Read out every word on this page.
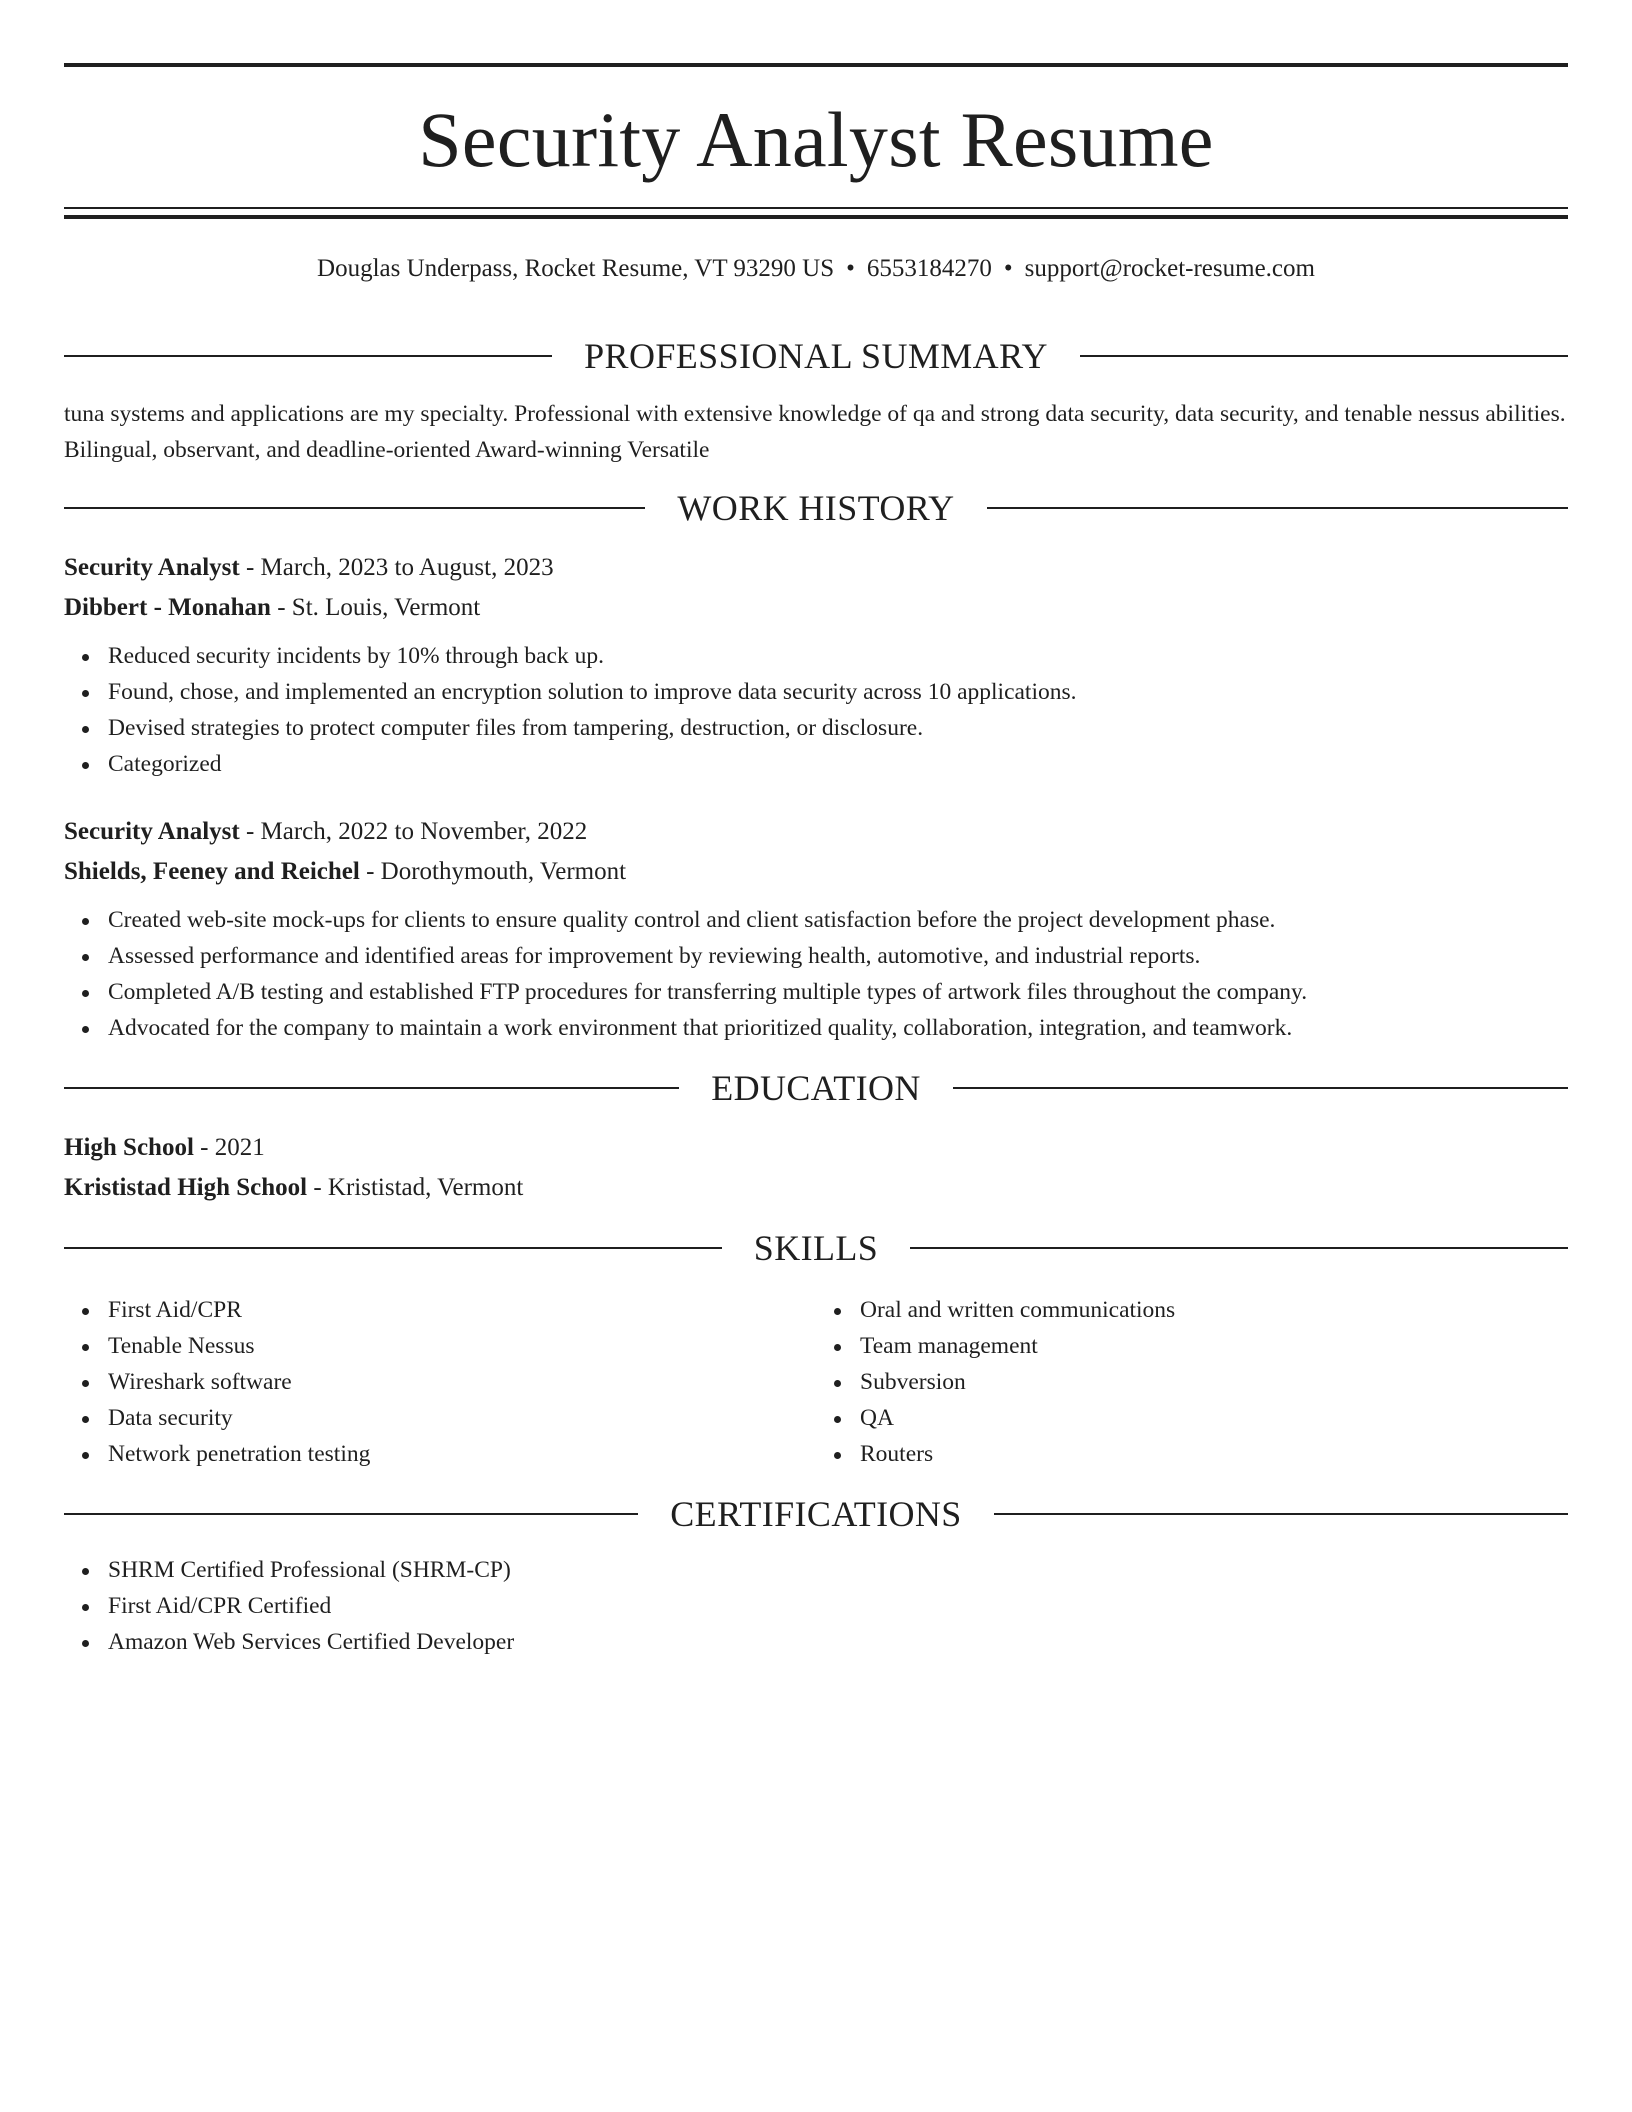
Security Analyst Resume
Douglas Underpass, Rocket Resume, VT 93290 US • 6553184270 • support@rocket-resume.com
PROFESSIONAL SUMMARY
tuna systems and applications are my specialty. Professional with extensive knowledge of qa and strong data security, data security, and tenable nessus abilities. Bilingual, observant, and deadline-oriented Award-winning Versatile
WORK HISTORY
Security Analyst - March, 2023 to August, 2023
Dibbert - Monahan - St. Louis, Vermont
Reduced security incidents by 10% through back up.
Found, chose, and implemented an encryption solution to improve data security across 10 applications.
Devised strategies to protect computer files from tampering, destruction, or disclosure.
Categorized
Security Analyst - March, 2022 to November, 2022
Shields, Feeney and Reichel - Dorothymouth, Vermont
Created web-site mock-ups for clients to ensure quality control and client satisfaction before the project development phase.
Assessed performance and identified areas for improvement by reviewing health, automotive, and industrial reports.
Completed A/B testing and established FTP procedures for transferring multiple types of artwork files throughout the company.
Advocated for the company to maintain a work environment that prioritized quality, collaboration, integration, and teamwork.
EDUCATION
High School - 2021
Krististad High School - Krististad, Vermont
SKILLS
First Aid/CPR
Tenable Nessus
Wireshark software
Data security
Network penetration testing
Oral and written communications
Team management
Subversion
QA
Routers
CERTIFICATIONS
SHRM Certified Professional (SHRM-CP)
First Aid/CPR Certified
Amazon Web Services Certified Developer
